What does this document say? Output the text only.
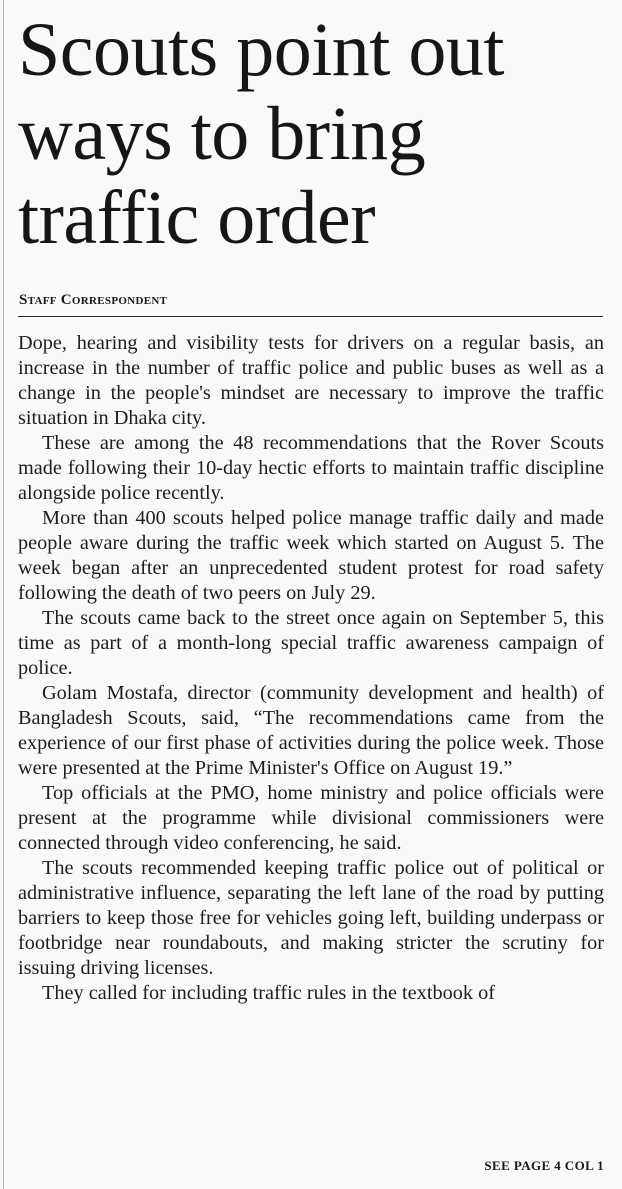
Scouts point out ways to bring traffic order
Staff Correspondent

Dope, hearing and visibility tests for drivers on a regular basis, an increase in the number of traffic police and public buses as well as a change in the people's mindset are necessary to improve the traffic situation in Dhaka city.

These are among the 48 recommendations that the Rover Scouts made following their 10-day hectic efforts to maintain traffic discipline alongside police recently.

More than 400 scouts helped police manage traffic daily and made people aware during the traffic week which started on August 5. The week began after an unprecedented student protest for road safety following the death of two peers on July 29.

The scouts came back to the street once again on September 5, this time as part of a month-long special traffic awareness campaign of police.

Golam Mostafa, director (community development and health) of Bangladesh Scouts, said, “The recommendations came from the experience of our first phase of activities during the police week. Those were presented at the Prime Minister's Office on August 19.”

Top officials at the PMO, home ministry and police officials were present at the programme while divisional commissioners were connected through video conferencing, he said.

The scouts recommended keeping traffic police out of political or administrative influence, separating the left lane of the road by putting barriers to keep those free for vehicles going left, building underpass or footbridge near roundabouts, and making stricter the scrutiny for issuing driving licenses.

They called for including traffic rules in the textbook of

SEE PAGE 4 COL 1
